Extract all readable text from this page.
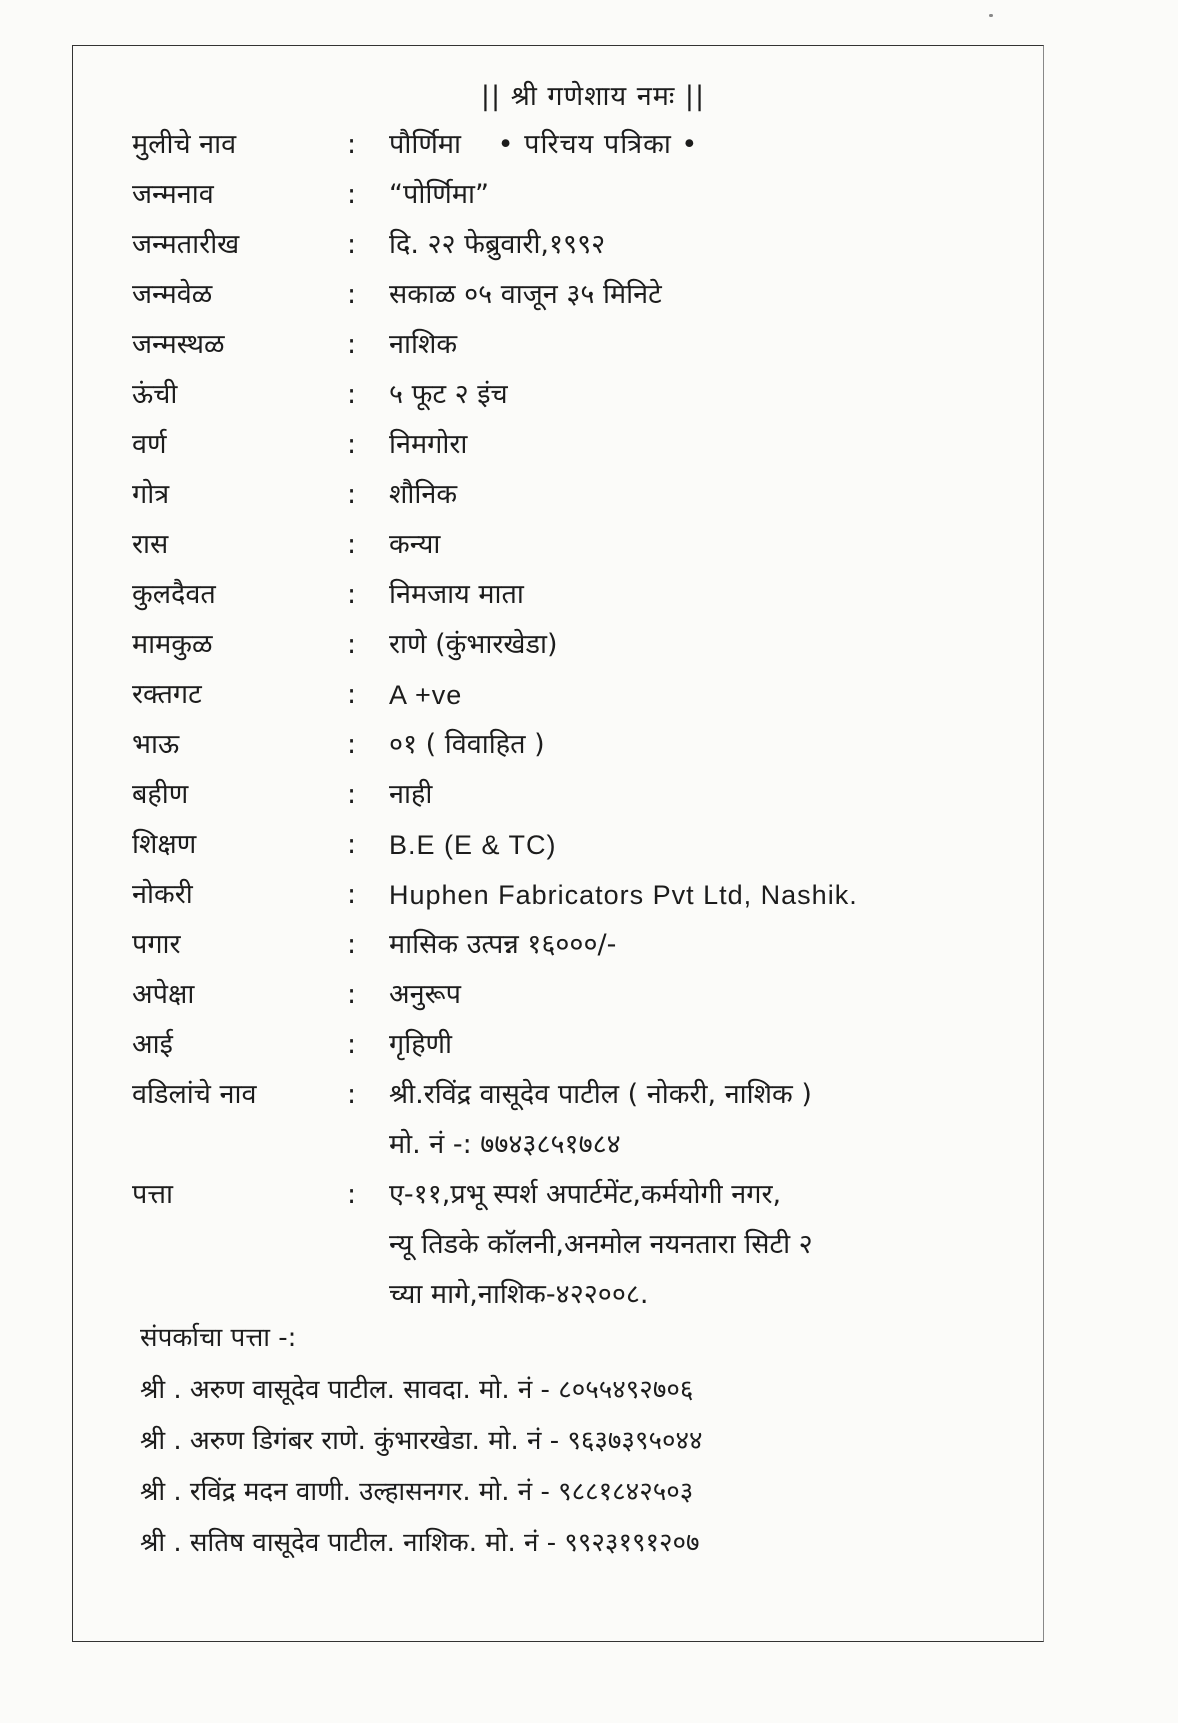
|| श्री गणेशाय नमः ||
• परिचय पत्रिका •
मुलीचे नाव	:	पौर्णिमा
जन्मनाव	:	“पोर्णिमा”
जन्मतारीख	:	दि. २२ फेब्रुवारी,१९९२
जन्मवेळ	:	सकाळ ०५ वाजून ३५ मिनिटे
जन्मस्थळ	:	नाशिक
ऊंची	:	५ फूट २ इंच
वर्ण	:	निमगोरा
गोत्र	:	शौनिक
रास	:	कन्या
कुलदैवत	:	निमजाय माता
मामकुळ	:	राणे (कुंभारखेडा)
रक्तगट	:	A +ve
भाऊ	:	०१ ( विवाहित )
बहीण	:	नाही
शिक्षण	:	B.E (E & TC)
नोकरी	:	Huphen Fabricators Pvt Ltd, Nashik.
पगार	:	मासिक उत्पन्न १६०००/-
अपेक्षा	:	अनुरूप
आई	:	गृहिणी
वडिलांचे नाव	:	श्री.रविंद्र वासूदेव पाटील ( नोकरी, नाशिक )
मो. नं -: ७७४३८५१७८४
पत्ता	:	ए-११,प्रभू स्पर्श अपार्टमेंट,कर्मयोगी नगर,
न्यू तिडके कॉलनी,अनमोल नयनतारा सिटी २
च्या मागे,नाशिक-४२२००८.
संपर्काचा पत्ता -:
श्री . अरुण वासूदेव पाटील. सावदा. मो. नं - ८०५५४९२७०६
श्री . अरुण डिगंबर राणे. कुंभारखेडा. मो. नं - ९६३७३९५०४४
श्री . रविंद्र मदन वाणी. उल्हासनगर. मो. नं - ९८८१८४२५०३
श्री . सतिष वासूदेव पाटील. नाशिक. मो. नं - ९९२३१९१२०७
